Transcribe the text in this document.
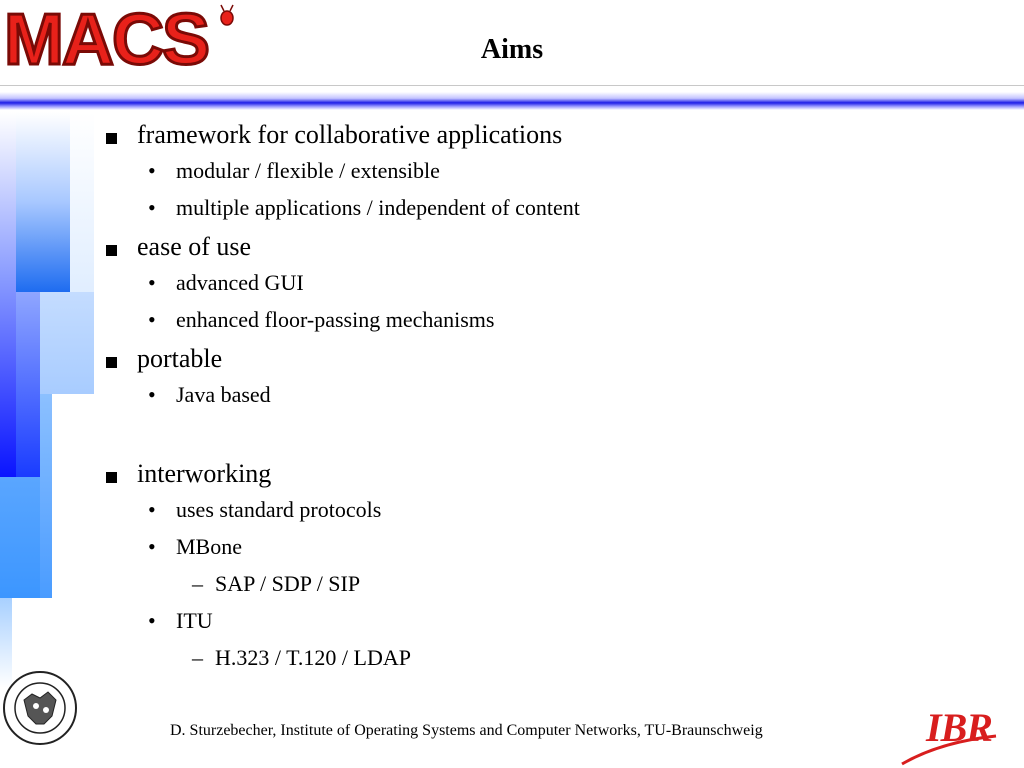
MACS	Aims
framework for collaborative applications
• modular / flexible / extensible
• multiple applications / independent of content
ease of use
• advanced GUI
• enhanced floor-passing mechanisms
portable
• Java based
interworking
• uses standard protocols
• MBone
– SAP / SDP / SIP
• ITU
– H.323 / T.120 / LDAP
D. Sturzebecher, Institute of Operating Systems and Computer Networks, TU-Braunschweig	IBR
